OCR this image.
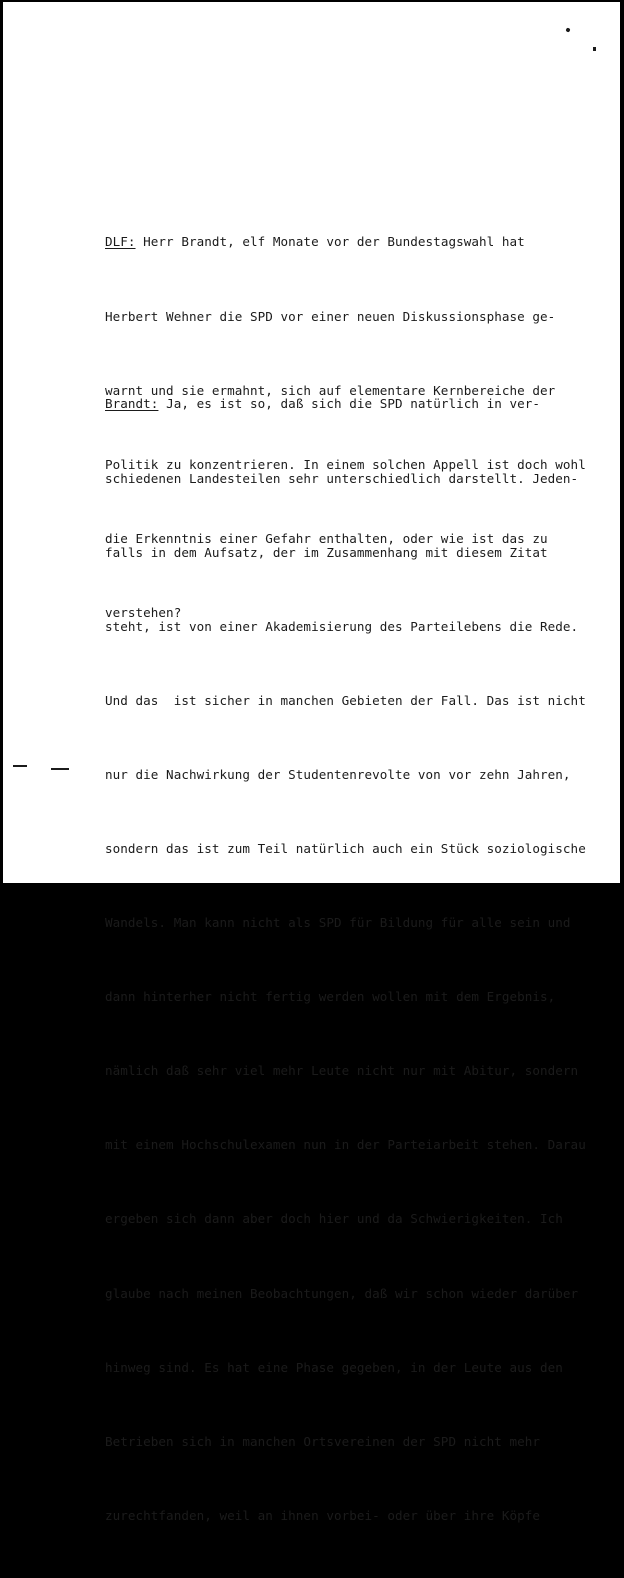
DLF: Herr Brandt, elf Monate vor der Bundestagswahl hat

Herbert Wehner die SPD vor einer neuen Diskussionsphase ge-

warnt und sie ermahnt, sich auf elementare Kernbereiche der

Politik zu konzentrieren. In einem solchen Appell ist doch wohl

die Erkenntnis einer Gefahr enthalten, oder wie ist das zu

verstehen?

Brandt: Ja, es ist so, daß sich die SPD natürlich in ver-

schiedenen Landesteilen sehr unterschiedlich darstellt. Jeden-

falls in dem Aufsatz, der im Zusammenhang mit diesem Zitat

steht, ist von einer Akademisierung des Parteilebens die Rede.

Und das  ist sicher in manchen Gebieten der Fall. Das ist nicht

nur die Nachwirkung der Studentenrevolte von vor zehn Jahren,

sondern das ist zum Teil natürlich auch ein Stück soziologische

Wandels. Man kann nicht als SPD für Bildung für alle sein und

dann hinterher nicht fertig werden wollen mit dem Ergebnis,

nämlich daß sehr viel mehr Leute nicht nur mit Abitur, sondern

mit einem Hochschulexamen nun in der Parteiarbeit stehen. Darau

ergeben sich dann aber doch hier und da Schwierigkeiten. Ich

glaube nach meinen Beobachtungen, daß wir schon wieder darüber

hinweg sind. Es hat eine Phase gegeben, in der Leute aus den

Betrieben sich in manchen Ortsvereinen der SPD nicht mehr

zurechtfanden, weil an ihnen vorbei- oder über ihre Köpfe
